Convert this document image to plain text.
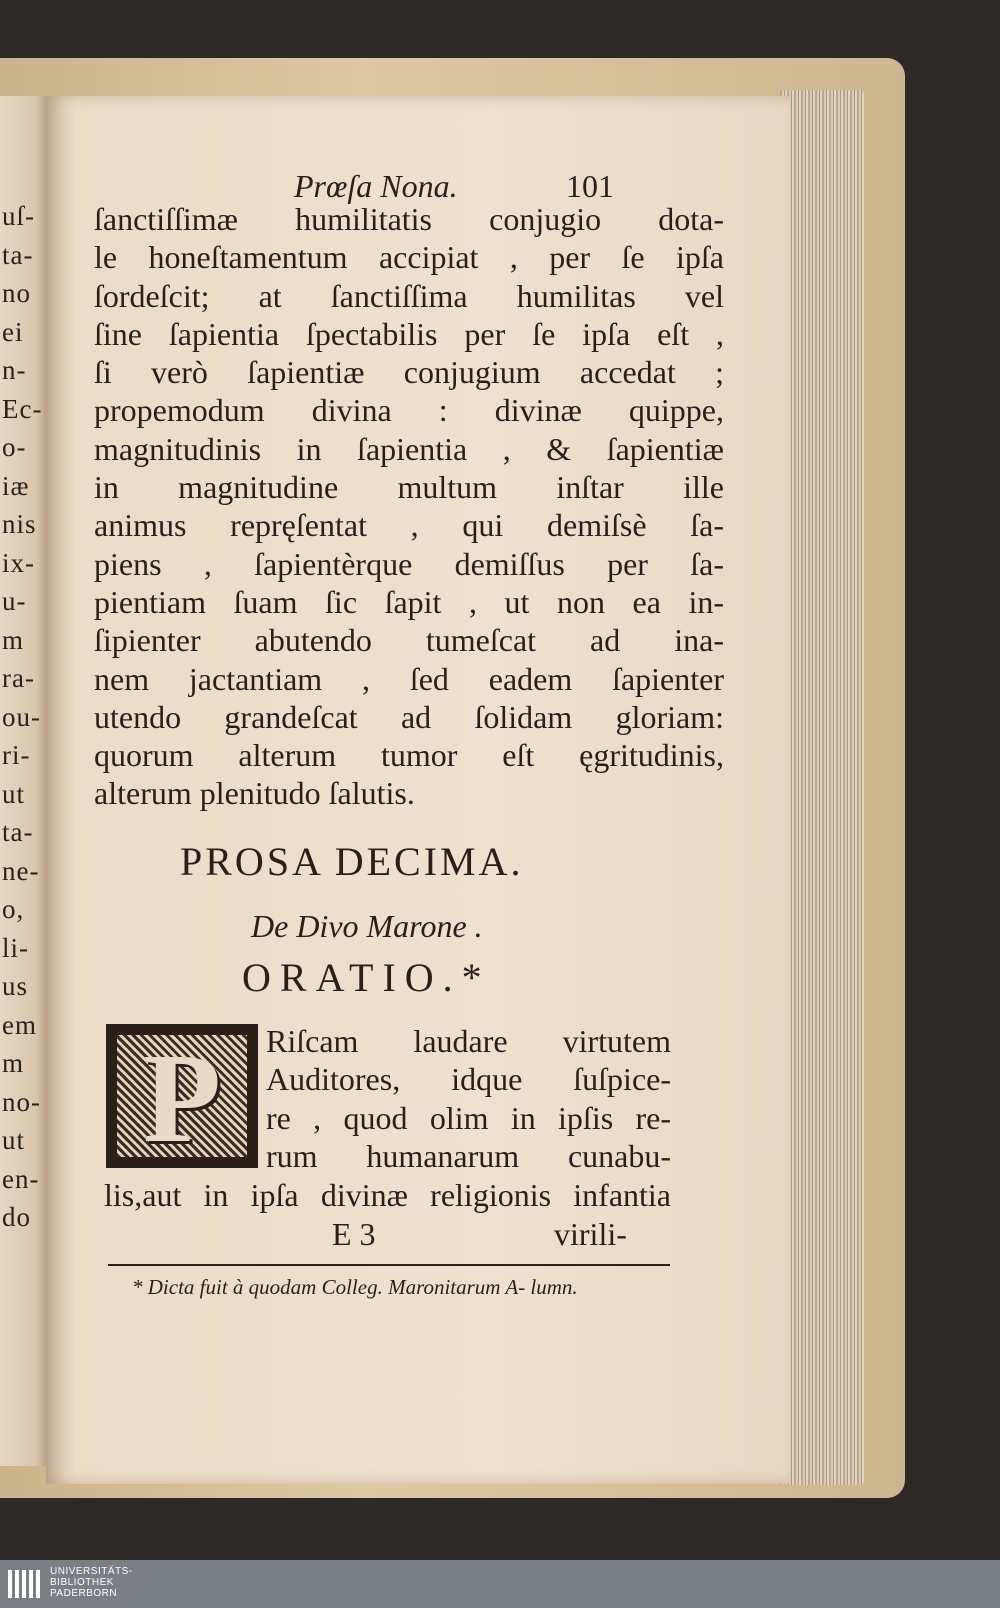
uſ-
ta-
no
ei
n-
Ec-
o-
iæ
nis
ix-
u-
m
ra-
ou-
ri-
ut
ta-
ne-
o,
li-
us
em
m
no-
ut
en-
do
Prœſa Nona.	101
ſanctiſſimæ humilitatis conjugio dota-
le honeſtamentum accipiat , per ſe ipſa
ſordeſcit; at ſanctiſſima humilitas vel
ſine ſapientia ſpectabilis per ſe ipſa eſt ,
ſi verò ſapientiæ conjugium accedat ;
propemodum divina : divinæ quippe,
magnitudinis in ſapientia , & ſapientiæ
in magnitudine multum inſtar ille
animus repręſentat , qui demiſsè ſa-
piens , ſapientèrque demiſſus per ſa-
pientiam ſuam ſic ſapit , ut non ea in-
ſipienter abutendo tumeſcat ad ina-
nem jactantiam , ſed eadem ſapienter
utendo grandeſcat ad ſolidam gloriam:
quorum alterum tumor eſt ęgritudinis,
alterum plenitudo ſalutis.
PROSA DECIMA.
De Divo Marone .
ORATIO.*
P	Riſcam laudare virtutem
Auditores, idque ſuſpice-
re , quod olim in ipſis re-
rum humanarum cunabu-
lis,aut in ipſa divinæ religionis infantia
E 3	virili-
* Dicta fuit à quodam Colleg. Maronitarum A- lumn.
UNIVERSITÄTS-
BIBLIOTHEK
PADERBORN
